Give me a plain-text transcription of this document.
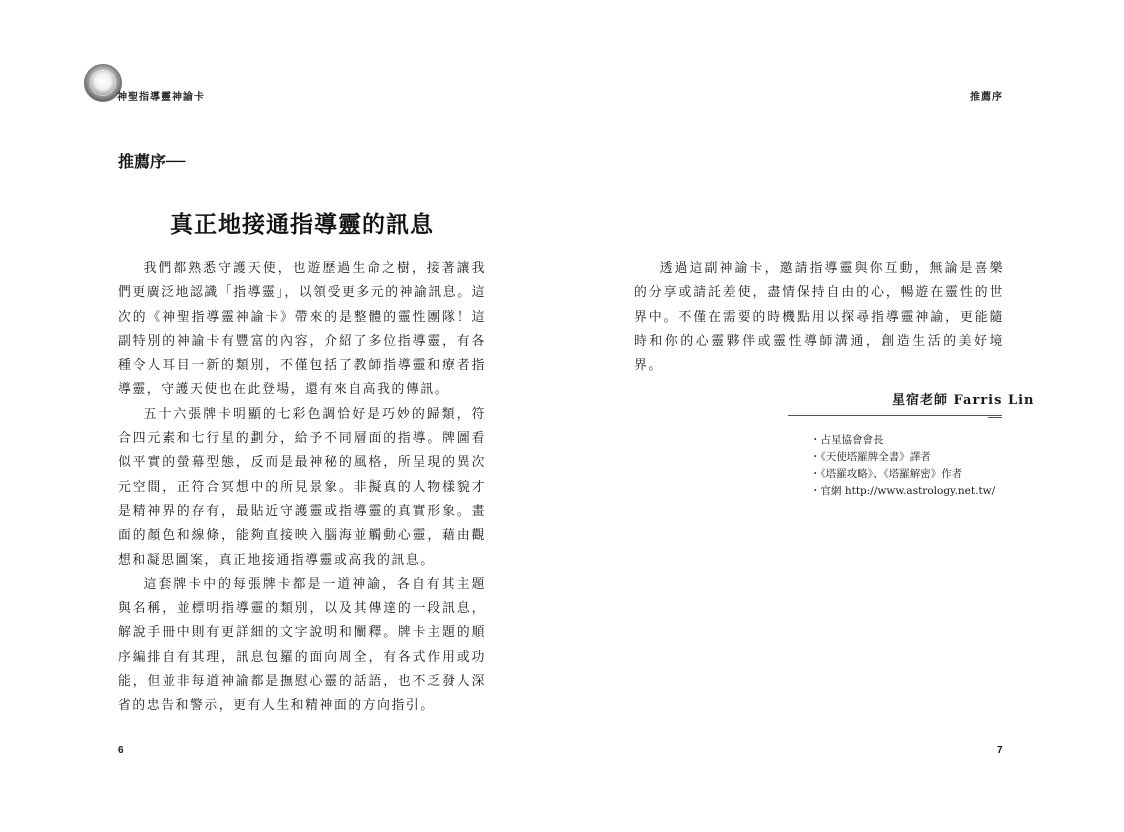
神聖指導靈神諭卡
推薦序──
真正地接通指導靈的訊息

我們都熟悉守護天使，也遊歷過生命之樹，接著讓我們更廣泛地認識「指導靈」，以領受更多元的神諭訊息。這次的《神聖指導靈神諭卡》帶來的是整體的靈性團隊！這副特別的神諭卡有豐富的內容，介紹了多位指導靈，有各種令人耳目一新的類別，不僅包括了教師指導靈和療者指導靈，守護天使也在此登場，還有來自高我的傳訊。

五十六張牌卡明顯的七彩色調恰好是巧妙的歸類，符合四元素和七行星的劃分，給予不同層面的指導。牌圖看似平實的螢幕型態，反而是最神秘的風格，所呈現的異次元空間，正符合冥想中的所見景象。非擬真的人物樣貌才是精神界的存有，最貼近守護靈或指導靈的真實形象。畫面的顏色和線條，能夠直接映入腦海並觸動心靈，藉由觀想和凝思圖案，真正地接通指導靈或高我的訊息。

這套牌卡中的每張牌卡都是一道神諭，各自有其主題與名稱，並標明指導靈的類別，以及其傳達的一段訊息，解說手冊中則有更詳細的文字說明和闡釋。牌卡主題的順序編排自有其理，訊息包羅的面向周全，有各式作用或功能，但並非每道神諭都是撫慰心靈的話語，也不乏發人深省的忠告和警示，更有人生和精神面的方向指引。

6
推薦序

透過這副神諭卡，邀請指導靈與你互動，無論是喜樂的分享或請託差使，盡情保持自由的心，暢遊在靈性的世界中。不僅在需要的時機點用以探尋指導靈神諭，更能隨時和你的心靈夥伴或靈性導師溝通，創造生活的美好境界。

星宿老師 Farris Lin
・占星協會會長
・《天使塔羅牌全書》譯者
・《塔羅攻略》、《塔羅解密》作者
・官網 http://www.astrology.net.tw/
7
